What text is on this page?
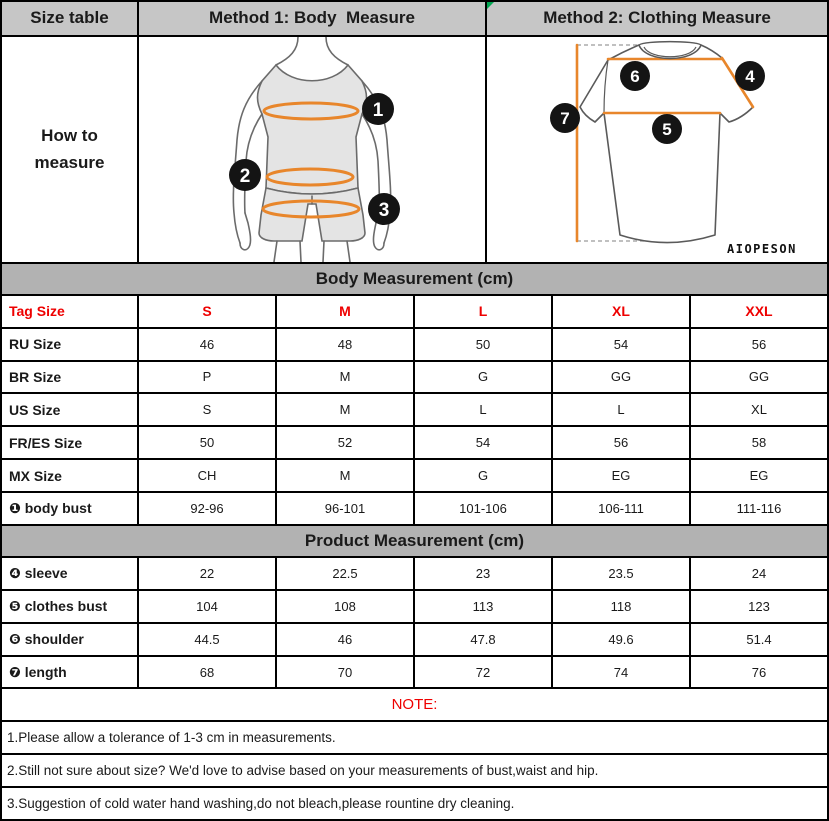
Size table	Method 1: Body  Measure	Method 2: Clothing Measure
How to measure
1
2
3
6	4
7
5
AIOPESON
Body Measurement (cm)
Tag Size	S	M	L	XL	XXL
RU Size	46	48	50	54	56
BR Size	P	M	G	GG	GG
US Size	S	M	L	L	XL
FR/ES Size	50	52	54	56	58
MX Size	CH	M	G	EG	EG
❶ body bust	92-96	96-101	101-106	106-111	111-116
Product Measurement (cm)
❹ sleeve	22	22.5	23	23.5	24
❺ clothes bust	104	108	113	118	123
❻ shoulder	44.5	46	47.8	49.6	51.4
❼ length	68	70	72	74	76
NOTE:
1.Please allow a tolerance of 1-3 cm in measurements.
2.Still not sure about size? We'd love to advise based on your measurements of bust,waist and hip.
3.Suggestion of cold water hand washing,do not bleach,please rountine dry cleaning.
